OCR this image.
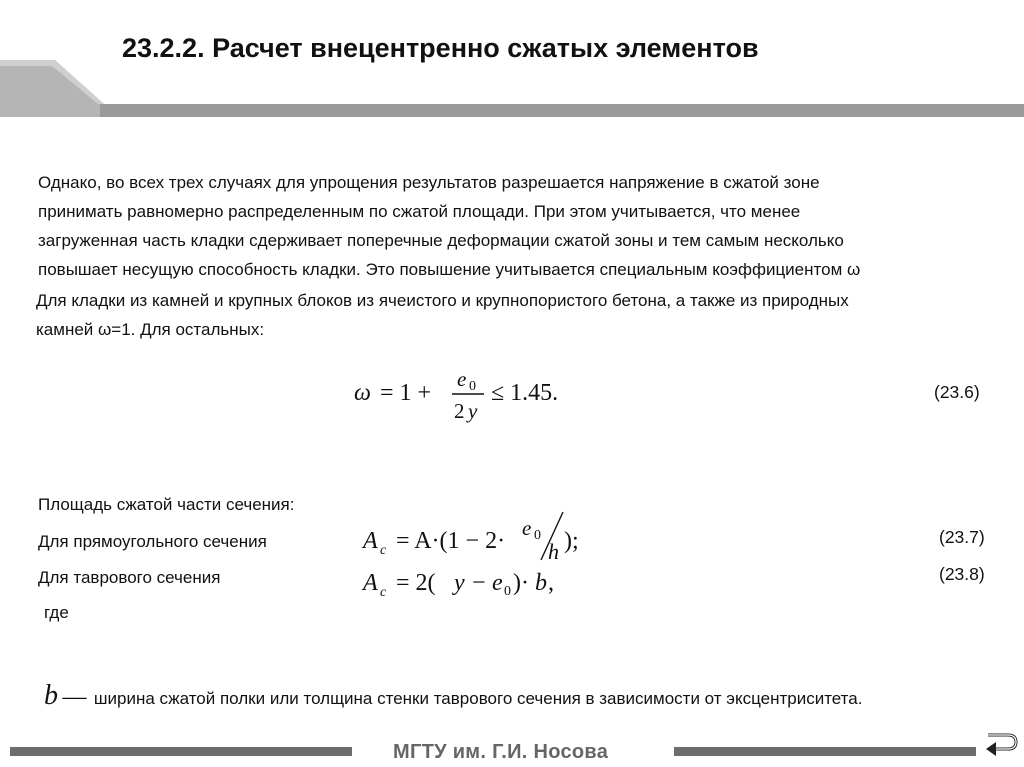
23.2.2. Расчет внецентренно сжатых элементов
Однако, во всех трех случаях для упрощения результатов разрешается напряжение в сжатой зоне
принимать равномерно распределенным по сжатой площади. При этом учитывается, что менее
загруженная часть кладки сдерживает поперечные деформации сжатой зоны и тем самым несколько
повышает несущую способность кладки. Это повышение учитывается специальным коэффициентом ω
Для кладки из камней и крупных блоков из ячеистого и крупнопористого бетона, а также из природных
камней ω=1. Для остальных:
ω = 1 +
e 0
2 y
≤ 1.45.	(23.6)
Площадь сжатой части сечения:
Для прямоугольного сечения	A c = A·(1 − 2· e 0
h );	(23.7)
Для таврового сечения	A c = 2( y − e 0 )· b ,	(23.8)
где
b — ширина сжатой полки или толщина стенки таврового сечения в зависимости от эксцентриситета.
МГТУ им. Г.И. Носова
